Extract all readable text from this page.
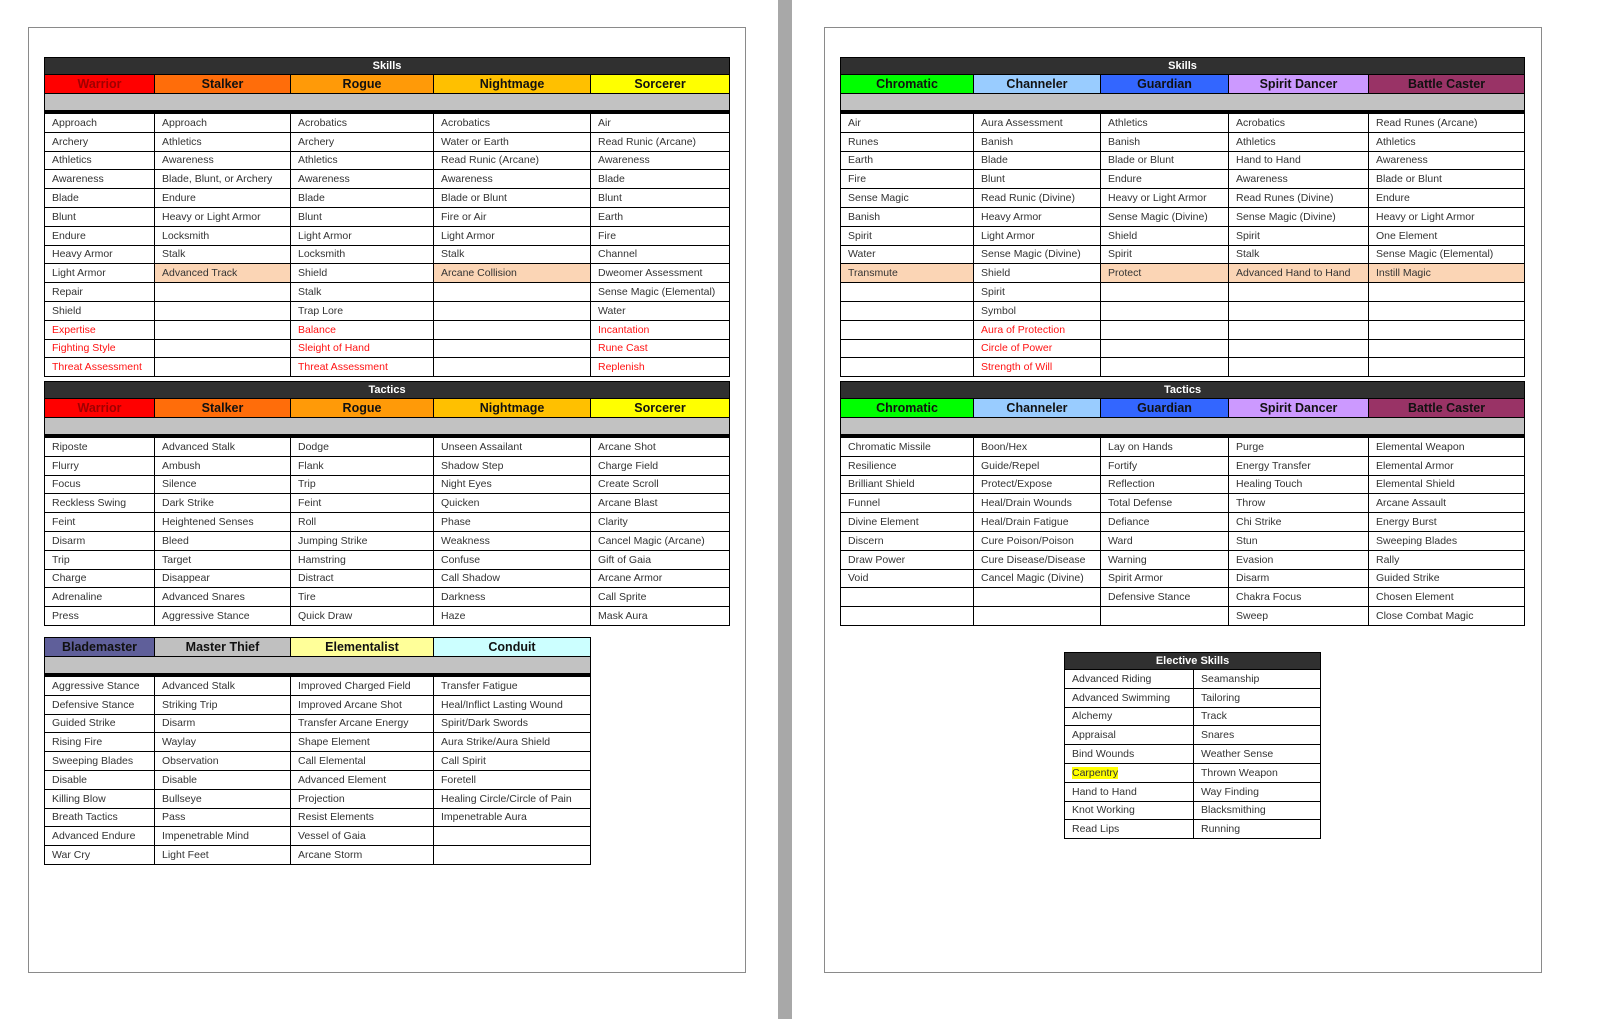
Skills				
Warrior	Stalker	Rogue	Nightmage	Sorcerer

Approach	Approach	Acrobatics	Acrobatics	Air
Archery	Athletics	Archery	Water or Earth	Read Runic (Arcane)
Athletics	Awareness	Athletics	Read Runic (Arcane)	Awareness
Awareness	Blade, Blunt, or Archery	Awareness	Awareness	Blade
Blade	Endure	Blade	Blade or Blunt	Blunt
Blunt	Heavy or Light Armor	Blunt	Fire or Air	Earth
Endure	Locksmith	Light Armor	Light Armor	Fire
Heavy Armor	Stalk	Locksmith	Stalk	Channel
Light Armor	Advanced Track	Shield	Arcane Collision	Dweomer Assessment
Repair		Stalk		Sense Magic (Elemental)
Shield		Trap Lore		Water
Expertise		Balance		Incantation
Fighting Style		Sleight of Hand		Rune Cast
Threat Assessment		Threat Assessment		Replenish
Tactics				
Warrior	Stalker	Rogue	Nightmage	Sorcerer

Riposte	Advanced Stalk	Dodge	Unseen Assailant	Arcane Shot
Flurry	Ambush	Flank	Shadow Step	Charge Field
Focus	Silence	Trip	Night Eyes	Create Scroll
Reckless Swing	Dark Strike	Feint	Quicken	Arcane Blast
Feint	Heightened Senses	Roll	Phase	Clarity
Disarm	Bleed	Jumping Strike	Weakness	Cancel Magic (Arcane)
Trip	Target	Hamstring	Confuse	Gift of Gaia
Charge	Disappear	Distract	Call Shadow	Arcane Armor
Adrenaline	Advanced Snares	Tire	Darkness	Call Sprite
Press	Aggressive Stance	Quick Draw	Haze	Mask Aura
Blademaster	Master Thief	Elementalist	Conduit

Aggressive Stance	Advanced Stalk	Improved Charged Field	Transfer Fatigue
Defensive Stance	Striking Trip	Improved Arcane Shot	Heal/Inflict Lasting Wound
Guided Strike	Disarm	Transfer Arcane Energy	Spirit/Dark Swords
Rising Fire	Waylay	Shape Element	Aura Strike/Aura Shield
Sweeping Blades	Observation	Call Elemental	Call Spirit
Disable	Disable	Advanced Element	Foretell
Killing Blow	Bullseye	Projection	Healing Circle/Circle of Pain
Breath Tactics	Pass	Resist Elements	Impenetrable Aura
Advanced Endure	Impenetrable Mind	Vessel of Gaia	
War Cry	Light Feet	Arcane Storm	
Skills				
Chromatic	Channeler	Guardian	Spirit Dancer	Battle Caster

Air	Aura Assessment	Athletics	Acrobatics	Read Runes (Arcane)
Runes	Banish	Banish	Athletics	Athletics
Earth	Blade	Blade or Blunt	Hand to Hand	Awareness
Fire	Blunt	Endure	Awareness	Blade or Blunt
Sense Magic	Read Runic (Divine)	Heavy or Light Armor	Read Runes (Divine)	Endure
Banish	Heavy Armor	Sense Magic (Divine)	Sense Magic (Divine)	Heavy or Light Armor
Spirit	Light Armor	Shield	Spirit	One Element
Water	Sense Magic (Divine)	Spirit	Stalk	Sense Magic (Elemental)
Transmute	Shield	Protect	Advanced Hand to Hand	Instill Magic
	Spirit			
	Symbol			
	Aura of Protection			
	Circle of Power			
	Strength of Will			
Tactics				
Chromatic	Channeler	Guardian	Spirit Dancer	Battle Caster

Chromatic Missile	Boon/Hex	Lay on Hands	Purge	Elemental Weapon
Resilience	Guide/Repel	Fortify	Energy Transfer	Elemental Armor
Brilliant Shield	Protect/Expose	Reflection	Healing Touch	Elemental Shield
Funnel	Heal/Drain Wounds	Total Defense	Throw	Arcane Assault
Divine Element	Heal/Drain Fatigue	Defiance	Chi Strike	Energy Burst
Discern	Cure Poison/Poison	Ward	Stun	Sweeping Blades
Draw Power	Cure Disease/Disease	Warning	Evasion	Rally
Void	Cancel Magic (Divine)	Spirit Armor	Disarm	Guided Strike
		Defensive Stance	Chakra Focus	Chosen Element
			Sweep	Close Combat Magic
Elective Skills	
Advanced Riding	Seamanship
Advanced Swimming	Tailoring
Alchemy	Track
Appraisal	Snares
Bind Wounds	Weather Sense
Carpentry	Thrown Weapon
Hand to Hand	Way Finding
Knot Working	Blacksmithing
Read Lips	Running
